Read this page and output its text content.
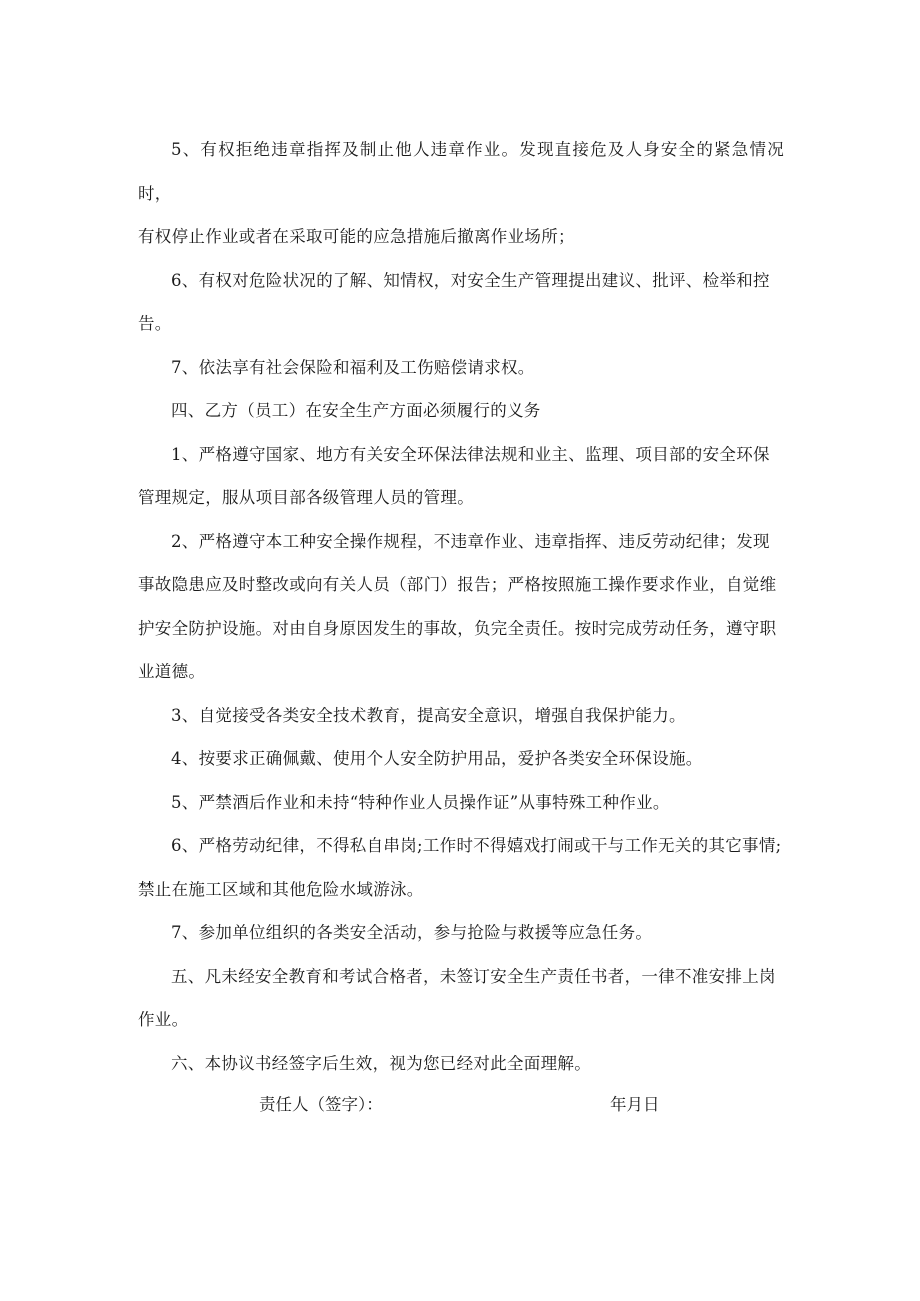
5、有权拒绝违章指挥及制止他人违章作业。发现直接危及人身安全的紧急情况时，
有权停止作业或者在采取可能的应急措施后撤离作业场所；

6、有权对危险状况的了解、知情权，对安全生产管理提出建议、批评、检举和控
告。

7、依法享有社会保险和福利及工伤赔偿请求权。

四、乙方（员工）在安全生产方面必须履行的义务

1、严格遵守国家、地方有关安全环保法律法规和业主、监理、项目部的安全环保
管理规定，服从项目部各级管理人员的管理。

2、严格遵守本工种安全操作规程，不违章作业、违章指挥、违反劳动纪律；发现
事故隐患应及时整改或向有关人员（部门）报告；严格按照施工操作要求作业，自觉维
护安全防护设施。对由自身原因发生的事故，负完全责任。按时完成劳动任务，遵守职
业道德。

3、自觉接受各类安全技术教育，提高安全意识，增强自我保护能力。

4、按要求正确佩戴、使用个人安全防护用品，爱护各类安全环保设施。

5、严禁酒后作业和未持“特种作业人员操作证”从事特殊工种作业。

6、严格劳动纪律，不得私自串岗;工作时不得嬉戏打闹或干与工作无关的其它事情;
禁止在施工区域和其他危险水域游泳。

7、参加单位组织的各类安全活动，参与抢险与救援等应急任务。

五、凡未经安全教育和考试合格者，未签订安全生产责任书者，一律不准安排上岗
作业。

六、本协议书经签字后生效，视为您已经对此全面理解。

责任人（签字）：	年月日
